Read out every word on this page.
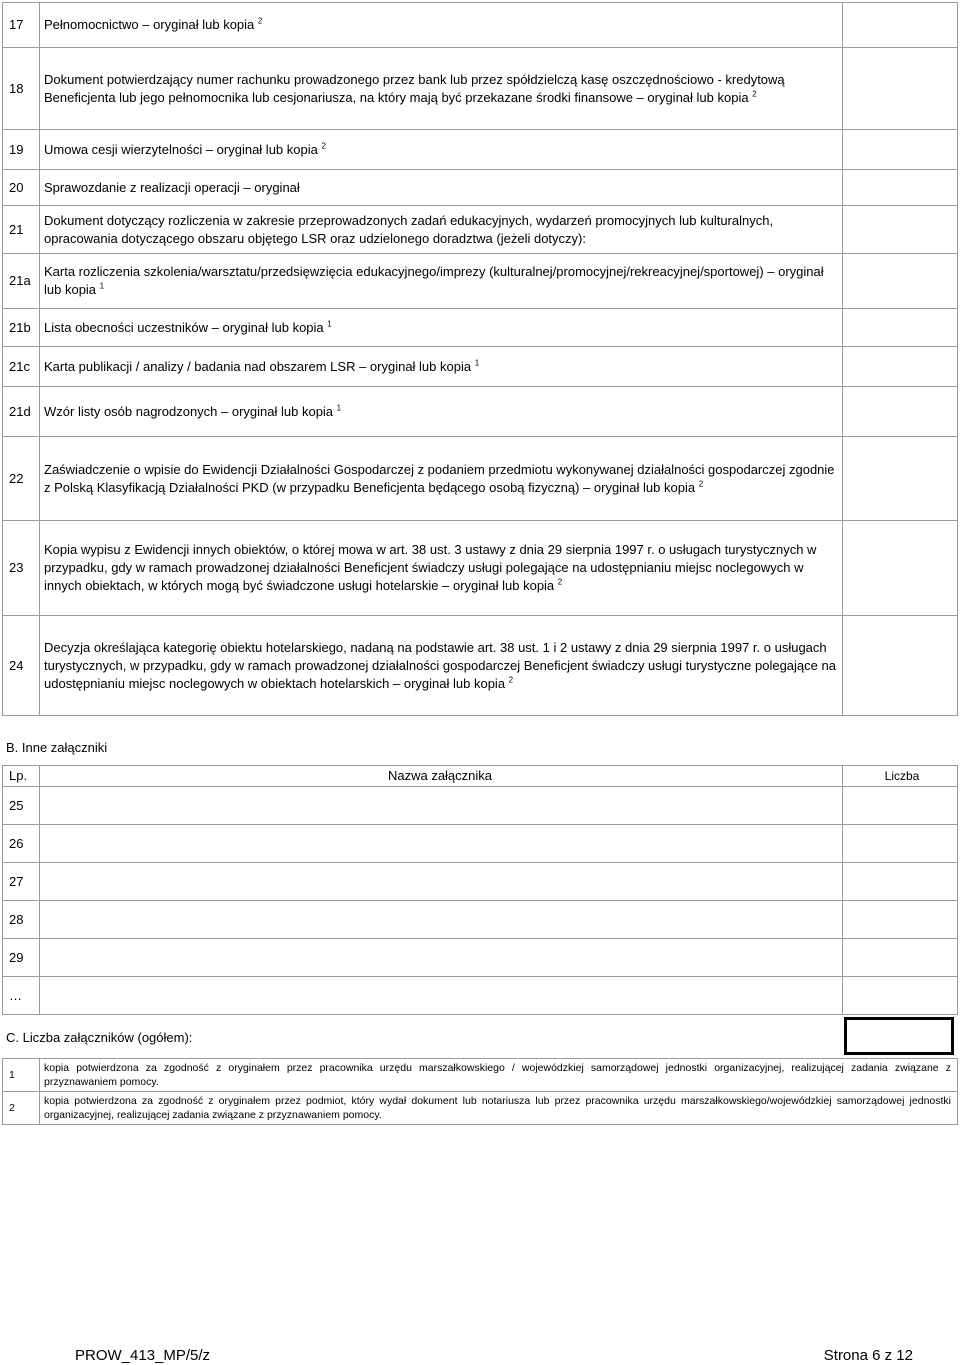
17	Pełnomocnictwo – oryginał lub kopia $^2$	
18	Dokument potwierdzający numer rachunku prowadzonego przez bank lub przez spółdzielczą kasę oszczędnościowo - kredytową Beneficjenta lub jego pełnomocnika lub cesjonariusza, na który mają być przekazane środki finansowe – oryginał lub kopia $^2$	
19	Umowa cesji wierzytelności – oryginał lub kopia $^2$	
20	Sprawozdanie z realizacji operacji – oryginał	
21	Dokument dotyczący rozliczenia w zakresie przeprowadzonych zadań edukacyjnych, wydarzeń promocyjnych lub kulturalnych, opracowania dotyczącego obszaru objętego LSR oraz udzielonego doradztwa (jeżeli dotyczy):	
21a	Karta rozliczenia szkolenia/warsztatu/przedsięwzięcia edukacyjnego/imprezy (kulturalnej/promocyjnej/rekreacyjnej/sportowej) – oryginał lub kopia $^1$	
21b	Lista obecności uczestników – oryginał lub kopia $^1$	
21c	Karta publikacji / analizy / badania nad obszarem LSR – oryginał lub kopia $^1$	
21d	Wzór listy osób nagrodzonych – oryginał lub kopia $^1$	
22	Zaświadczenie o wpisie do Ewidencji Działalności Gospodarczej z podaniem przedmiotu wykonywanej działalności gospodarczej zgodnie z Polską Klasyfikacją Działalności PKD (w przypadku Beneficjenta będącego osobą fizyczną) – oryginał lub kopia $^2$	
23	Kopia wypisu z Ewidencji innych obiektów, o której mowa w art. 38 ust. 3 ustawy z dnia 29 sierpnia 1997 r. o usługach turystycznych w przypadku, gdy w ramach prowadzonej działalności Beneficjent świadczy usługi polegające na udostępnianiu miejsc noclegowych w innych obiektach, w których mogą być świadczone usługi hotelarskie – oryginał lub kopia $^2$	
24	Decyzja określająca kategorię obiektu hotelarskiego, nadaną na podstawie art. 38 ust. 1 i 2 ustawy z dnia 29 sierpnia 1997 r. o usługach turystycznych, w przypadku, gdy w ramach prowadzonej działalności gospodarczej Beneficjent świadczy usługi turystyczne polegające na udostępnianiu miejsc noclegowych w obiektach hotelarskich – oryginał lub kopia $^2$	
B. Inne załączniki
Lp.	Nazwa załącznika	Liczba
25		
26		
27		
28		
29		
…		
C. Liczba załączników (ogółem):
1	kopia potwierdzona za zgodność z oryginałem przez pracownika urzędu marszałkowskiego / wojewódzkiej samorządowej jednostki organizacyjnej, realizującej zadania związane z przyznawaniem pomocy.
2	kopia potwierdzona za zgodność z oryginałem przez podmiot, który wydał dokument lub notariusza lub przez pracownika urzędu marszałkowskiego/wojewódzkiej samorządowej jednostki organizacyjnej, realizującej zadania związane z przyznawaniem pomocy.
PROW_413_MP/5/z	Strona 6 z 12
